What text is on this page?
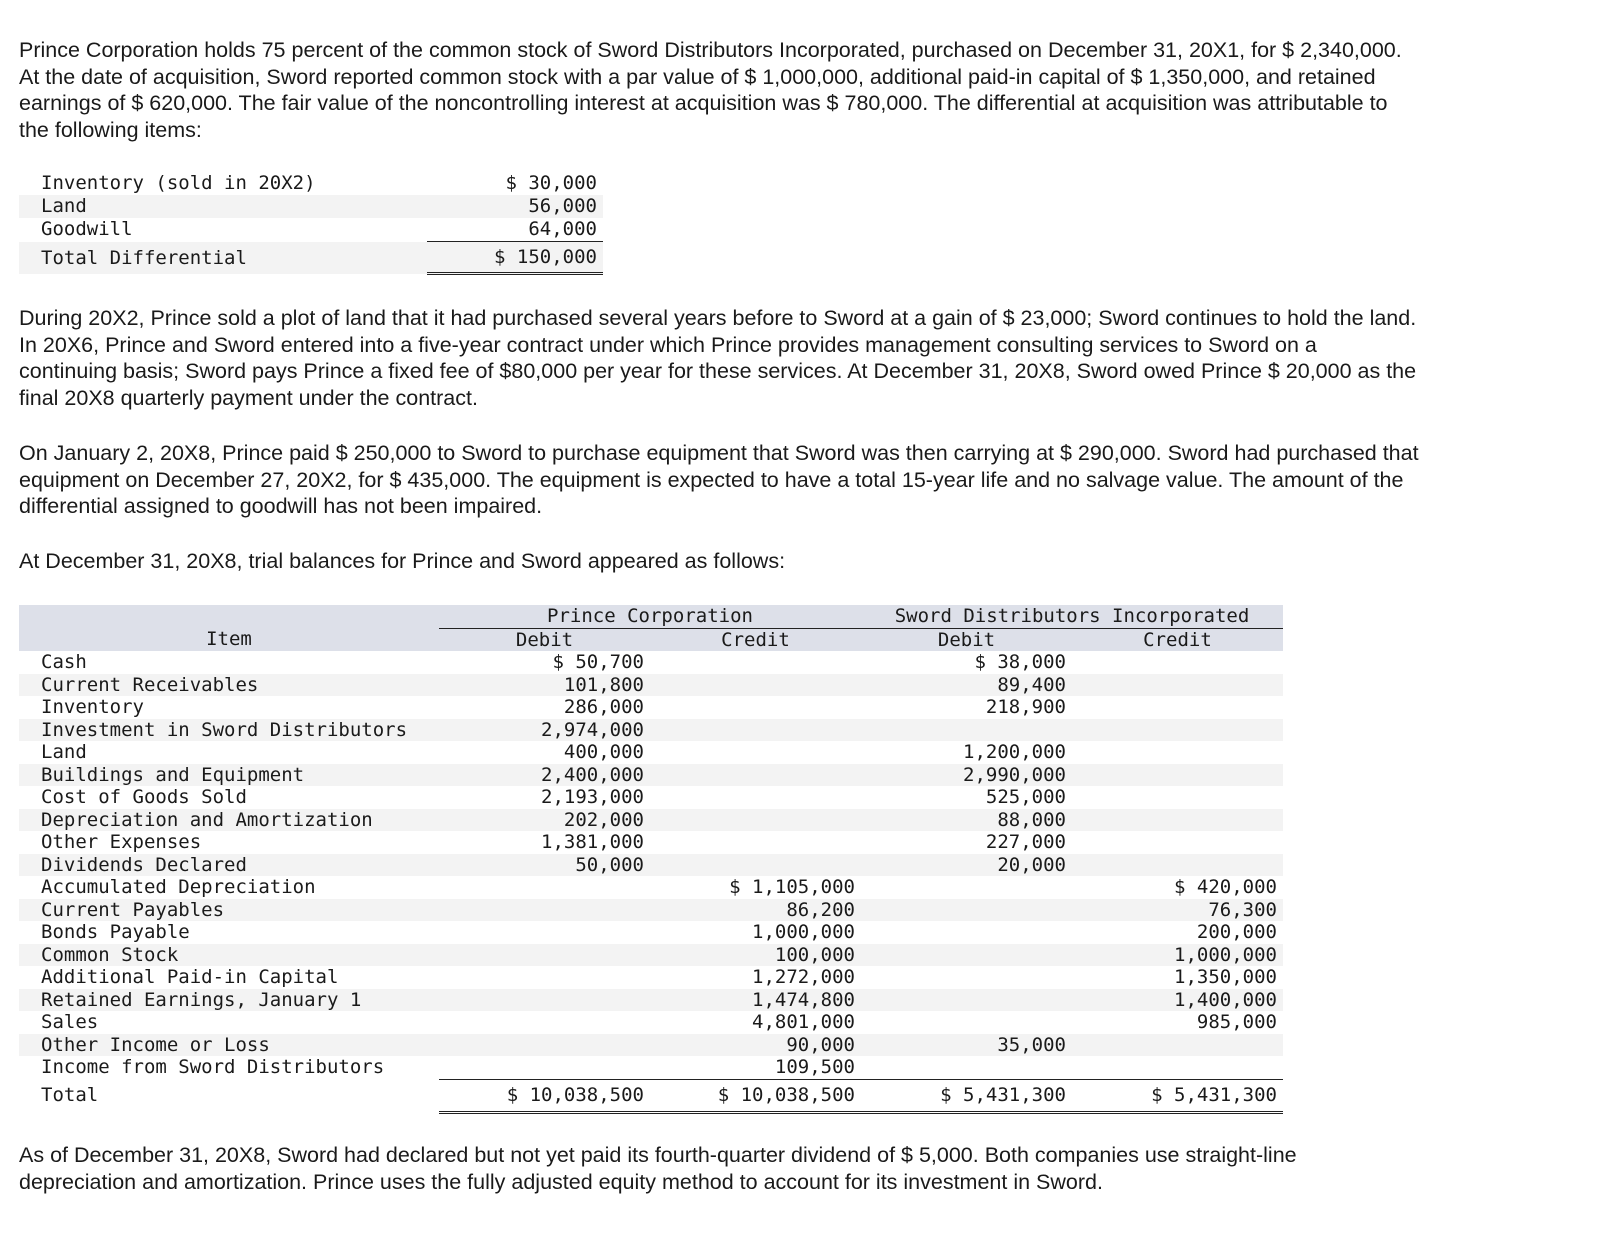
Prince Corporation holds 75 percent of the common stock of Sword Distributors Incorporated, purchased on December 31, 20X1, for $ 2,340,000. At the date of acquisition, Sword reported common stock with a par value of $ 1,000,000, additional paid-in capital of $ 1,350,000, and retained earnings of $ 620,000. The fair value of the noncontrolling interest at acquisition was $ 780,000. The differential at acquisition was attributable to the following items:

Inventory (sold in 20X2)	$ 30,000
Land	56,000
Goodwill	64,000
Total Differential	$ 150,000

During 20X2, Prince sold a plot of land that it had purchased several years before to Sword at a gain of $ 23,000; Sword continues to hold the land. In 20X6, Prince and Sword entered into a five-year contract under which Prince provides management consulting services to Sword on a continuing basis; Sword pays Prince a fixed fee of $80,000 per year for these services. At December 31, 20X8, Sword owed Prince $ 20,000 as the final 20X8 quarterly payment under the contract.

On January 2, 20X8, Prince paid $ 250,000 to Sword to purchase equipment that Sword was then carrying at $ 290,000. Sword had purchased that equipment on December 27, 20X2, for $ 435,000. The equipment is expected to have a total 15-year life and no salvage value. The amount of the differential assigned to goodwill has not been impaired.

At December 31, 20X8, trial balances for Prince and Sword appeared as follows:

	Prince Corporation		Sword Distributors Incorporated	
Item	Debit	Credit	Debit	Credit
Cash	$ 50,700		$ 38,000	
Current Receivables	101,800		89,400	
Inventory	286,000		218,900	
Investment in Sword Distributors	2,974,000			
Land	400,000		1,200,000	
Buildings and Equipment	2,400,000		2,990,000	
Cost of Goods Sold	2,193,000		525,000	
Depreciation and Amortization	202,000		88,000	
Other Expenses	1,381,000		227,000	
Dividends Declared	50,000		20,000	
Accumulated Depreciation		$ 1,105,000		$ 420,000
Current Payables		86,200		76,300
Bonds Payable		1,000,000		200,000
Common Stock		100,000		1,000,000
Additional Paid-in Capital		1,272,000		1,350,000
Retained Earnings, January 1		1,474,800		1,400,000
Sales		4,801,000		985,000
Other Income or Loss		90,000	35,000	
Income from Sword Distributors		109,500		
Total	$ 10,038,500	$ 10,038,500	$ 5,431,300	$ 5,431,300

As of December 31, 20X8, Sword had declared but not yet paid its fourth-quarter dividend of $ 5,000. Both companies use straight-line depreciation and amortization. Prince uses the fully adjusted equity method to account for its investment in Sword.
